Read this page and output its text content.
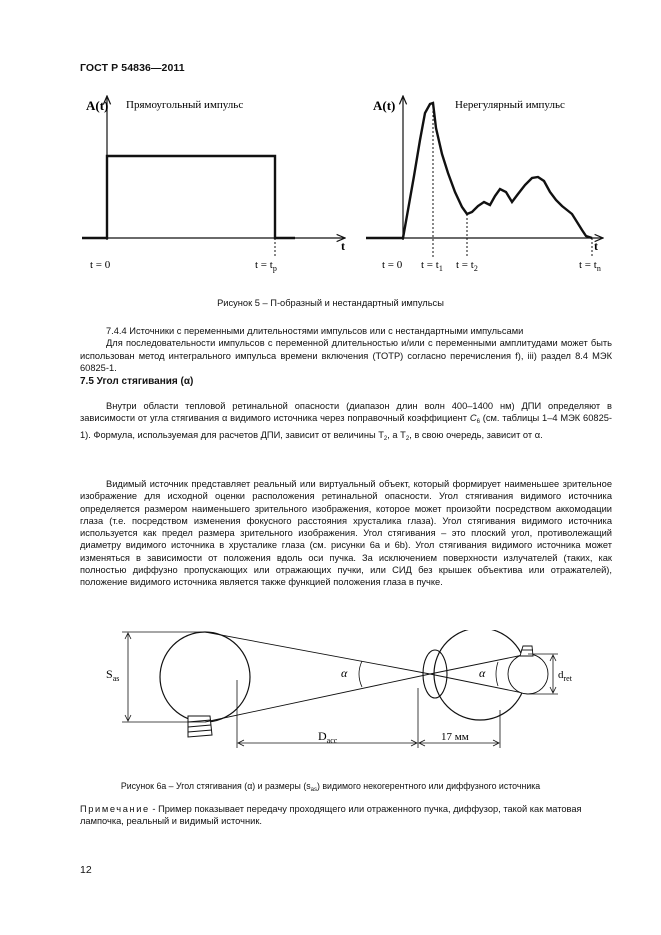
ГОСТ Р 54836—2011
A(t) Прямоугольный импульс
t
t = 0	$t = t_p$
A(t)	Нерегулярный импульс
t
t = 0 $t = t_1$ $t = t_2$	$t = t_n$
Рисунок 5 – П-образный и нестандартный импульсы

7.4.4 Источники с переменными длительностями импульсов или с нестандартными импульсами

Для последовательности импульсов с переменной длительностью и/или с переменными амплитудами может быть использован метод интегрального импульса времени включения (TOTP) согласно перечисления f), iii) раздел 8.4 МЭК 60825-1.

7.5 Угол стягивания (α)

Внутри области тепловой ретинальной опасности (диапазон длин волн 400–1400 нм) ДПИ определяют в зависимости от угла стягивания α видимого источника через поправочный коэффициент $C_6$ (см. таблицы 1–4 МЭК 60825-1). Формула, используемая для расчетов ДПИ, зависит от величины $T_2$, а $T_2$, в свою очередь, зависит от α.

Видимый источник представляет реальный или виртуальный объект, который формирует наименьшее зрительное изображение для исходной оценки расположения ретинальной опасности. Угол стягивания видимого источника определяется размером наименьшего зрительного изображения, которое может произойти посредством аккомодации глаза (т.е. посредством изменения фокусного расстояния хрусталика глаза). Угол стягивания видимого источника используется как предел размера зрительного изображения. Угол стягивания – это плоский угол, противолежащий диаметру видимого источника в хрусталике глаза (см. рисунки 6a и 6b). Угол стягивания видимого источника может изменяться в зависимости от положения вдоль оси пучка. За исключением поверхности излучателей (таких, как полностью диффузно пропускающих или отражающих пучки, или СИД без крышек объектива или отражателей), положение видимого источника является также функцией положения глаза в пучке.

$S_{as}$	α	α	$d_{ret}$
$D_{acc}$	17 мм
Рисунок 6а – Угол стягивания (α) и размеры $(s_{as})$ видимого некогерентного или диффузного источника
Примечание - Пример показывает передачу проходящего или отраженного пучка, диффузор, такой как матовая лампочка, реальный и видимый источник.
12
